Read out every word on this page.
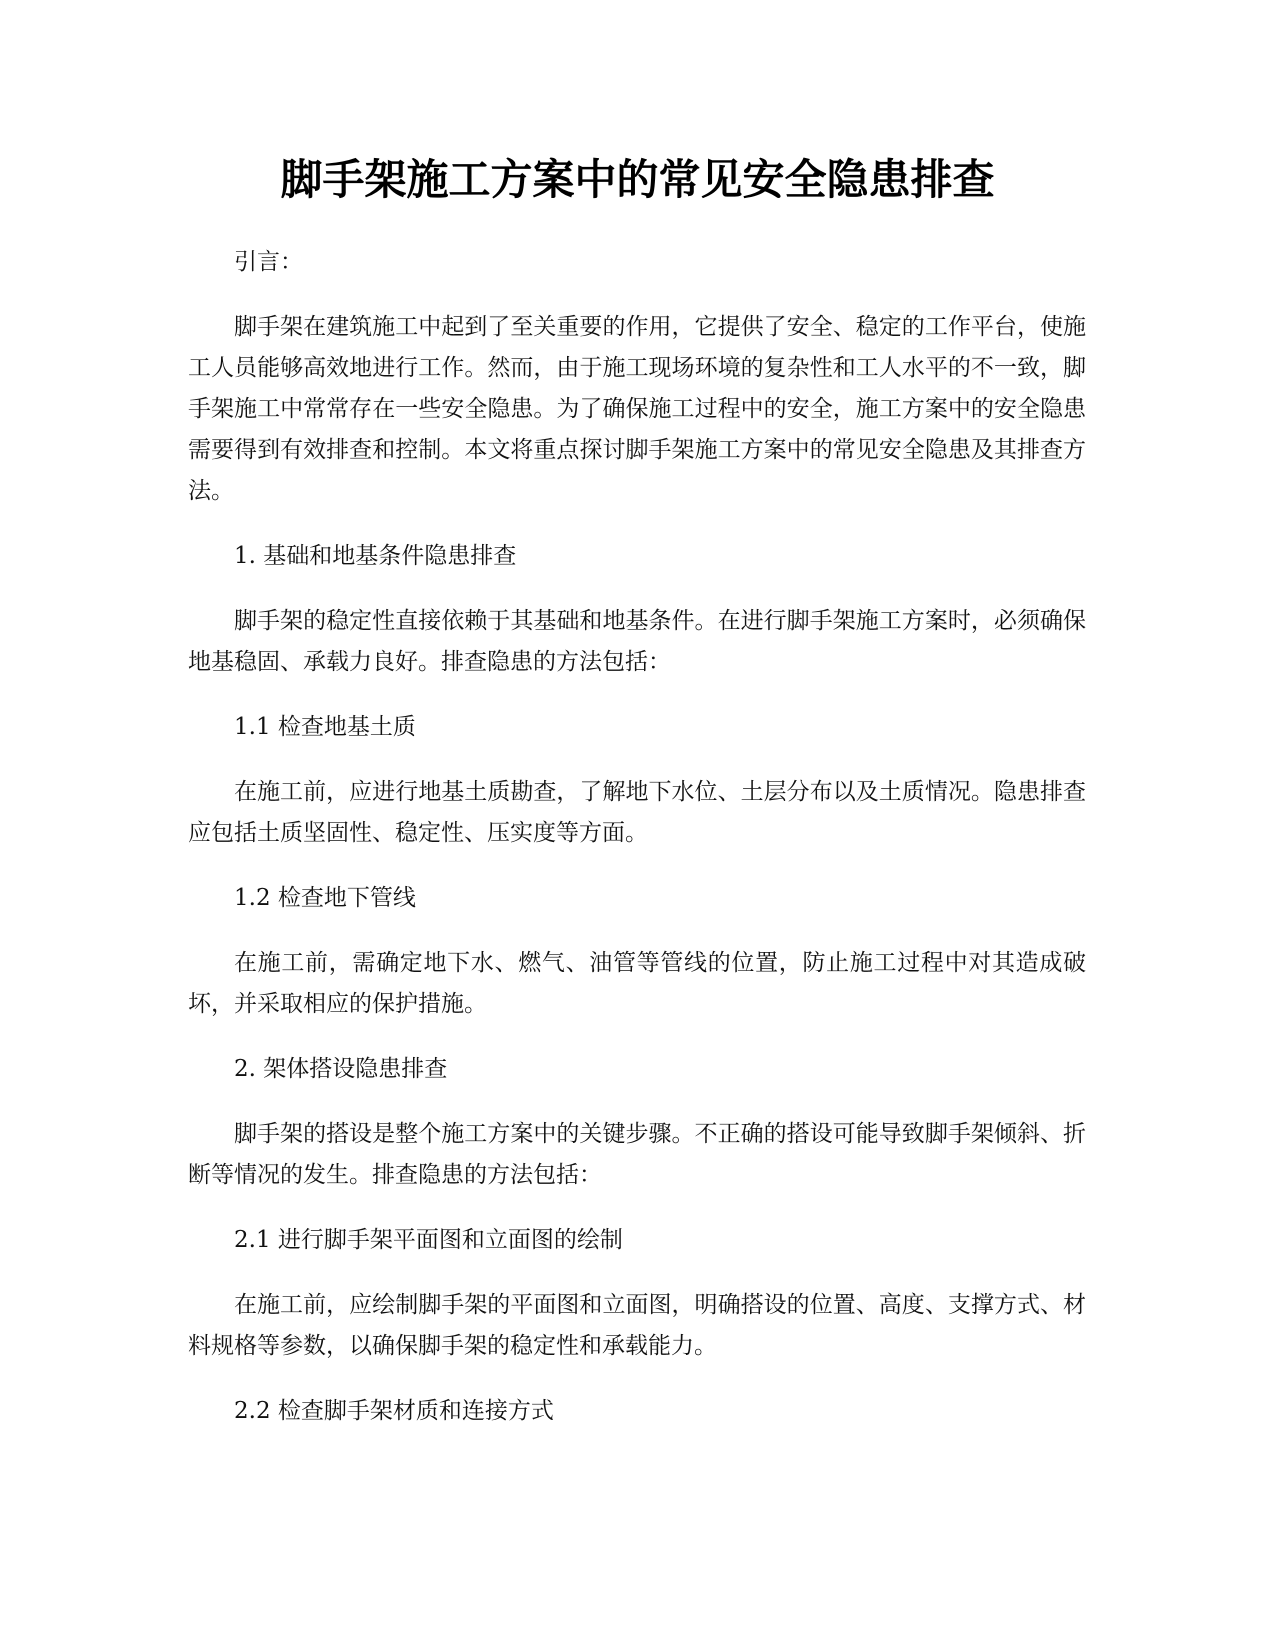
脚手架施工方案中的常见安全隐患排查

引言：

脚手架在建筑施工中起到了至关重要的作用，它提供了安全、稳定的工作平台，使施工人员能够高效地进行工作。然而，由于施工现场环境的复杂性和工人水平的不一致，脚手架施工中常常存在一些安全隐患。为了确保施工过程中的安全，施工方案中的安全隐患需要得到有效排查和控制。本文将重点探讨脚手架施工方案中的常见安全隐患及其排查方法。

1. 基础和地基条件隐患排查

脚手架的稳定性直接依赖于其基础和地基条件。在进行脚手架施工方案时，必须确保地基稳固、承载力良好。排查隐患的方法包括：

1.1 检查地基土质

在施工前，应进行地基土质勘查，了解地下水位、土层分布以及土质情况。隐患排查应包括土质坚固性、稳定性、压实度等方面。

1.2 检查地下管线

在施工前，需确定地下水、燃气、油管等管线的位置，防止施工过程中对其造成破坏，并采取相应的保护措施。

2. 架体搭设隐患排查

脚手架的搭设是整个施工方案中的关键步骤。不正确的搭设可能导致脚手架倾斜、折断等情况的发生。排查隐患的方法包括：

2.1 进行脚手架平面图和立面图的绘制

在施工前，应绘制脚手架的平面图和立面图，明确搭设的位置、高度、支撑方式、材料规格等参数，以确保脚手架的稳定性和承载能力。

2.2 检查脚手架材质和连接方式
